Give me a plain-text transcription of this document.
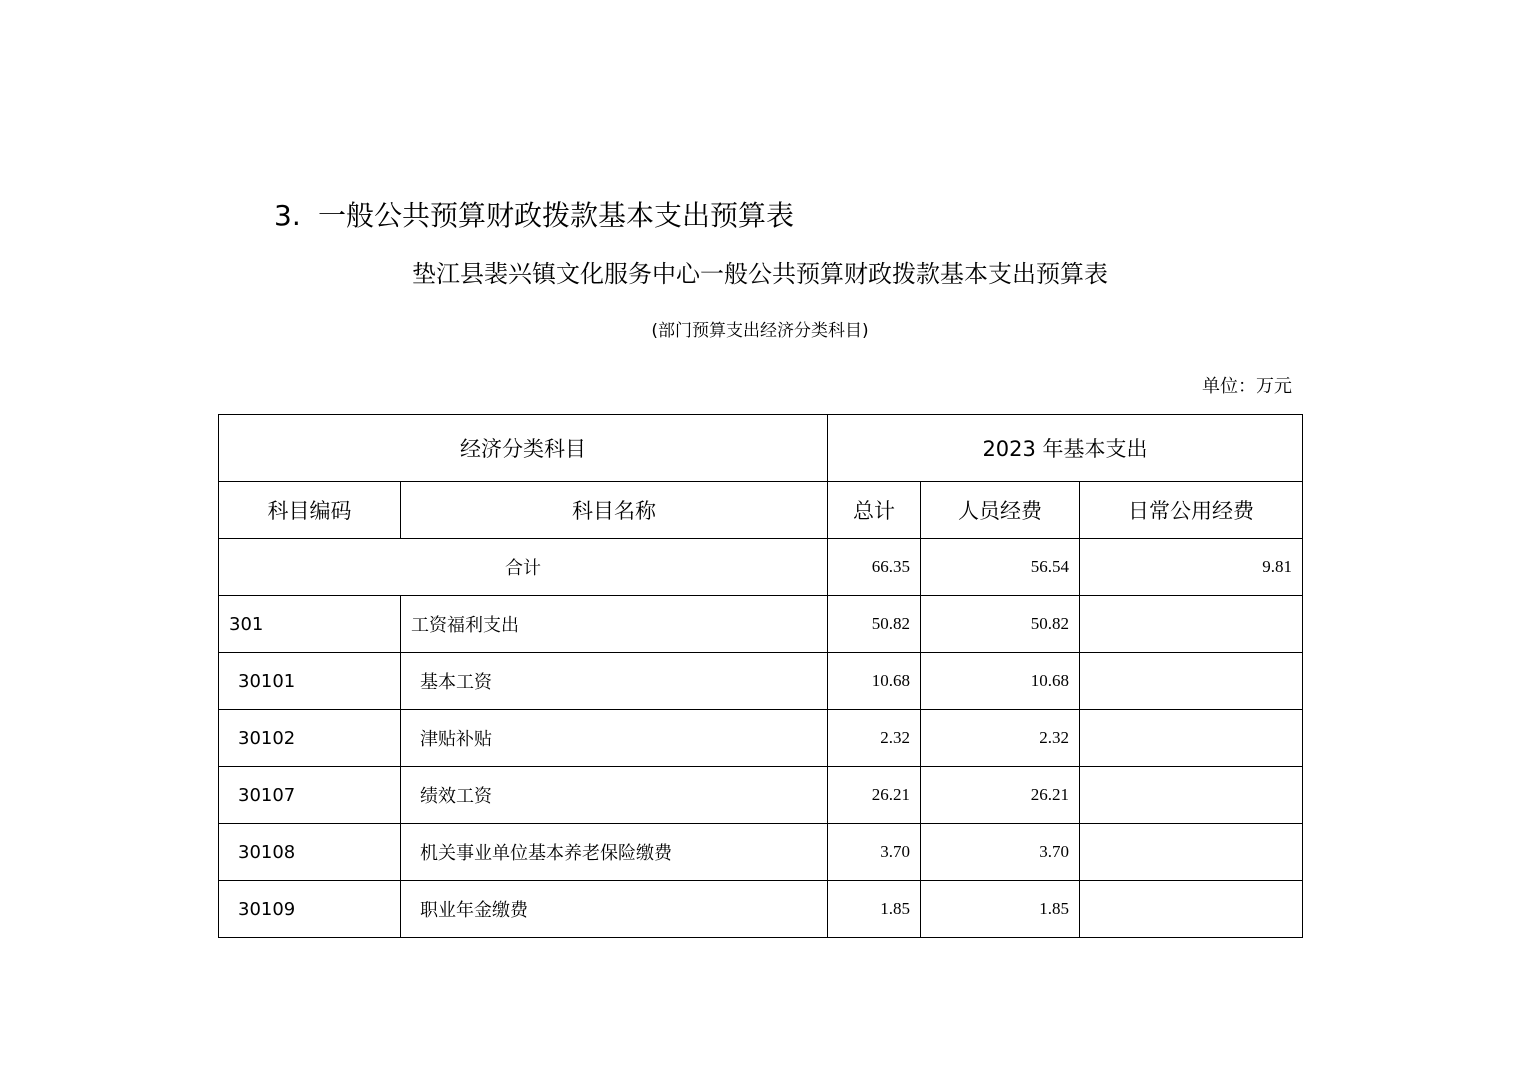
3. 一般公共预算财政拨款基本支出预算表
垫江县裴兴镇文化服务中心一般公共预算财政拨款基本支出预算表
(部门预算支出经济分类科目)
单位：万元
经济分类科目		2023 年基本支出		
科目编码	科目名称	总计	人员经费	日常公用经费
合计		66.35	56.54	9.81
301	工资福利支出	50.82	50.82	
30101	基本工资	10.68	10.68	
30102	津贴补贴	2.32	2.32	
30107	绩效工资	26.21	26.21	
30108	机关事业单位基本养老保险缴费	3.70	3.70	
30109	职业年金缴费	1.85	1.85	
